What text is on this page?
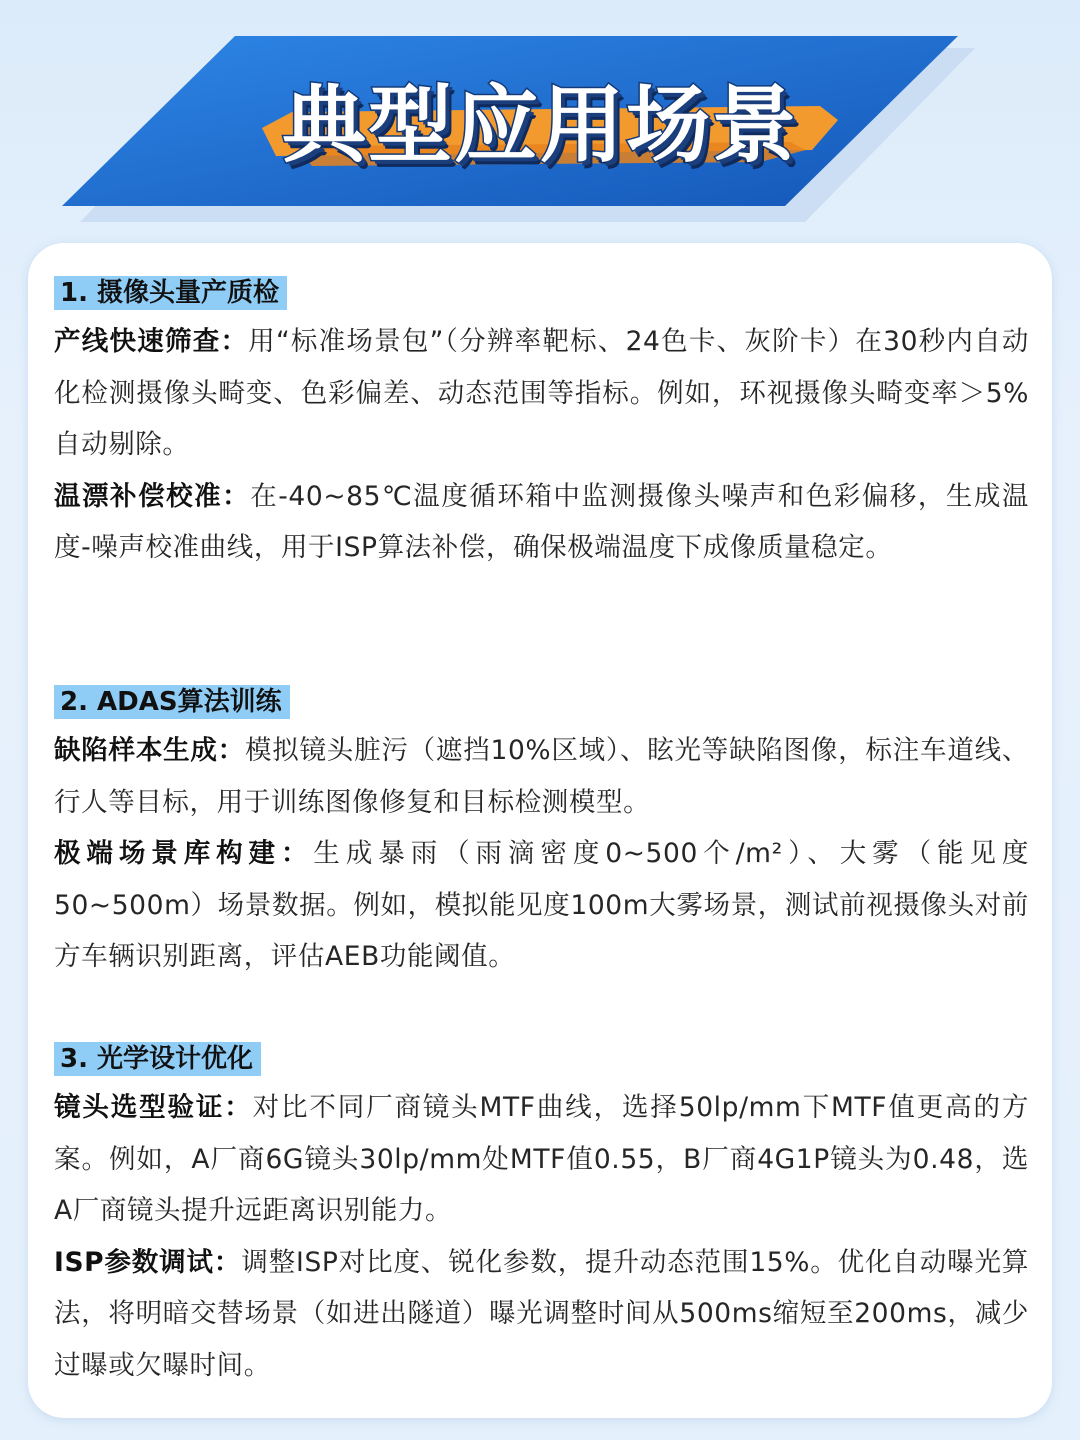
典型应用场景
1. 摄像头量产质检

产线快速筛查：用“标准场景包”（分辨率靶标、24色卡、灰阶卡）在30秒内自动化检测摄像头畸变、色彩偏差、动态范围等指标。例如，环视摄像头畸变率＞5%自动剔除。

温漂补偿校准：在-40~85℃温度循环箱中监测摄像头噪声和色彩偏移，生成温度-噪声校准曲线，用于ISP算法补偿，确保极端温度下成像质量稳定。

2. ADAS算法训练

缺陷样本生成：模拟镜头脏污（遮挡10%区域）、眩光等缺陷图像，标注车道线、行人等目标，用于训练图像修复和目标检测模型。

极端场景库构建：生成暴雨（雨滴密度0~500个/m²）、大雾（能见度50~500m）场景数据。例如，模拟能见度100m大雾场景，测试前视摄像头对前方车辆识别距离，评估AEB功能阈值。

3. 光学设计优化

镜头选型验证：对比不同厂商镜头MTF曲线，选择50lp/mm下MTF值更高的方案。例如，A厂商6G镜头30lp/mm处MTF值0.55，B厂商4G1P镜头为0.48，选A厂商镜头提升远距离识别能力。

ISP参数调试：调整ISP对比度、锐化参数，提升动态范围15%。优化自动曝光算法，将明暗交替场景（如进出隧道）曝光调整时间从500ms缩短至200ms，减少过曝或欠曝时间。
